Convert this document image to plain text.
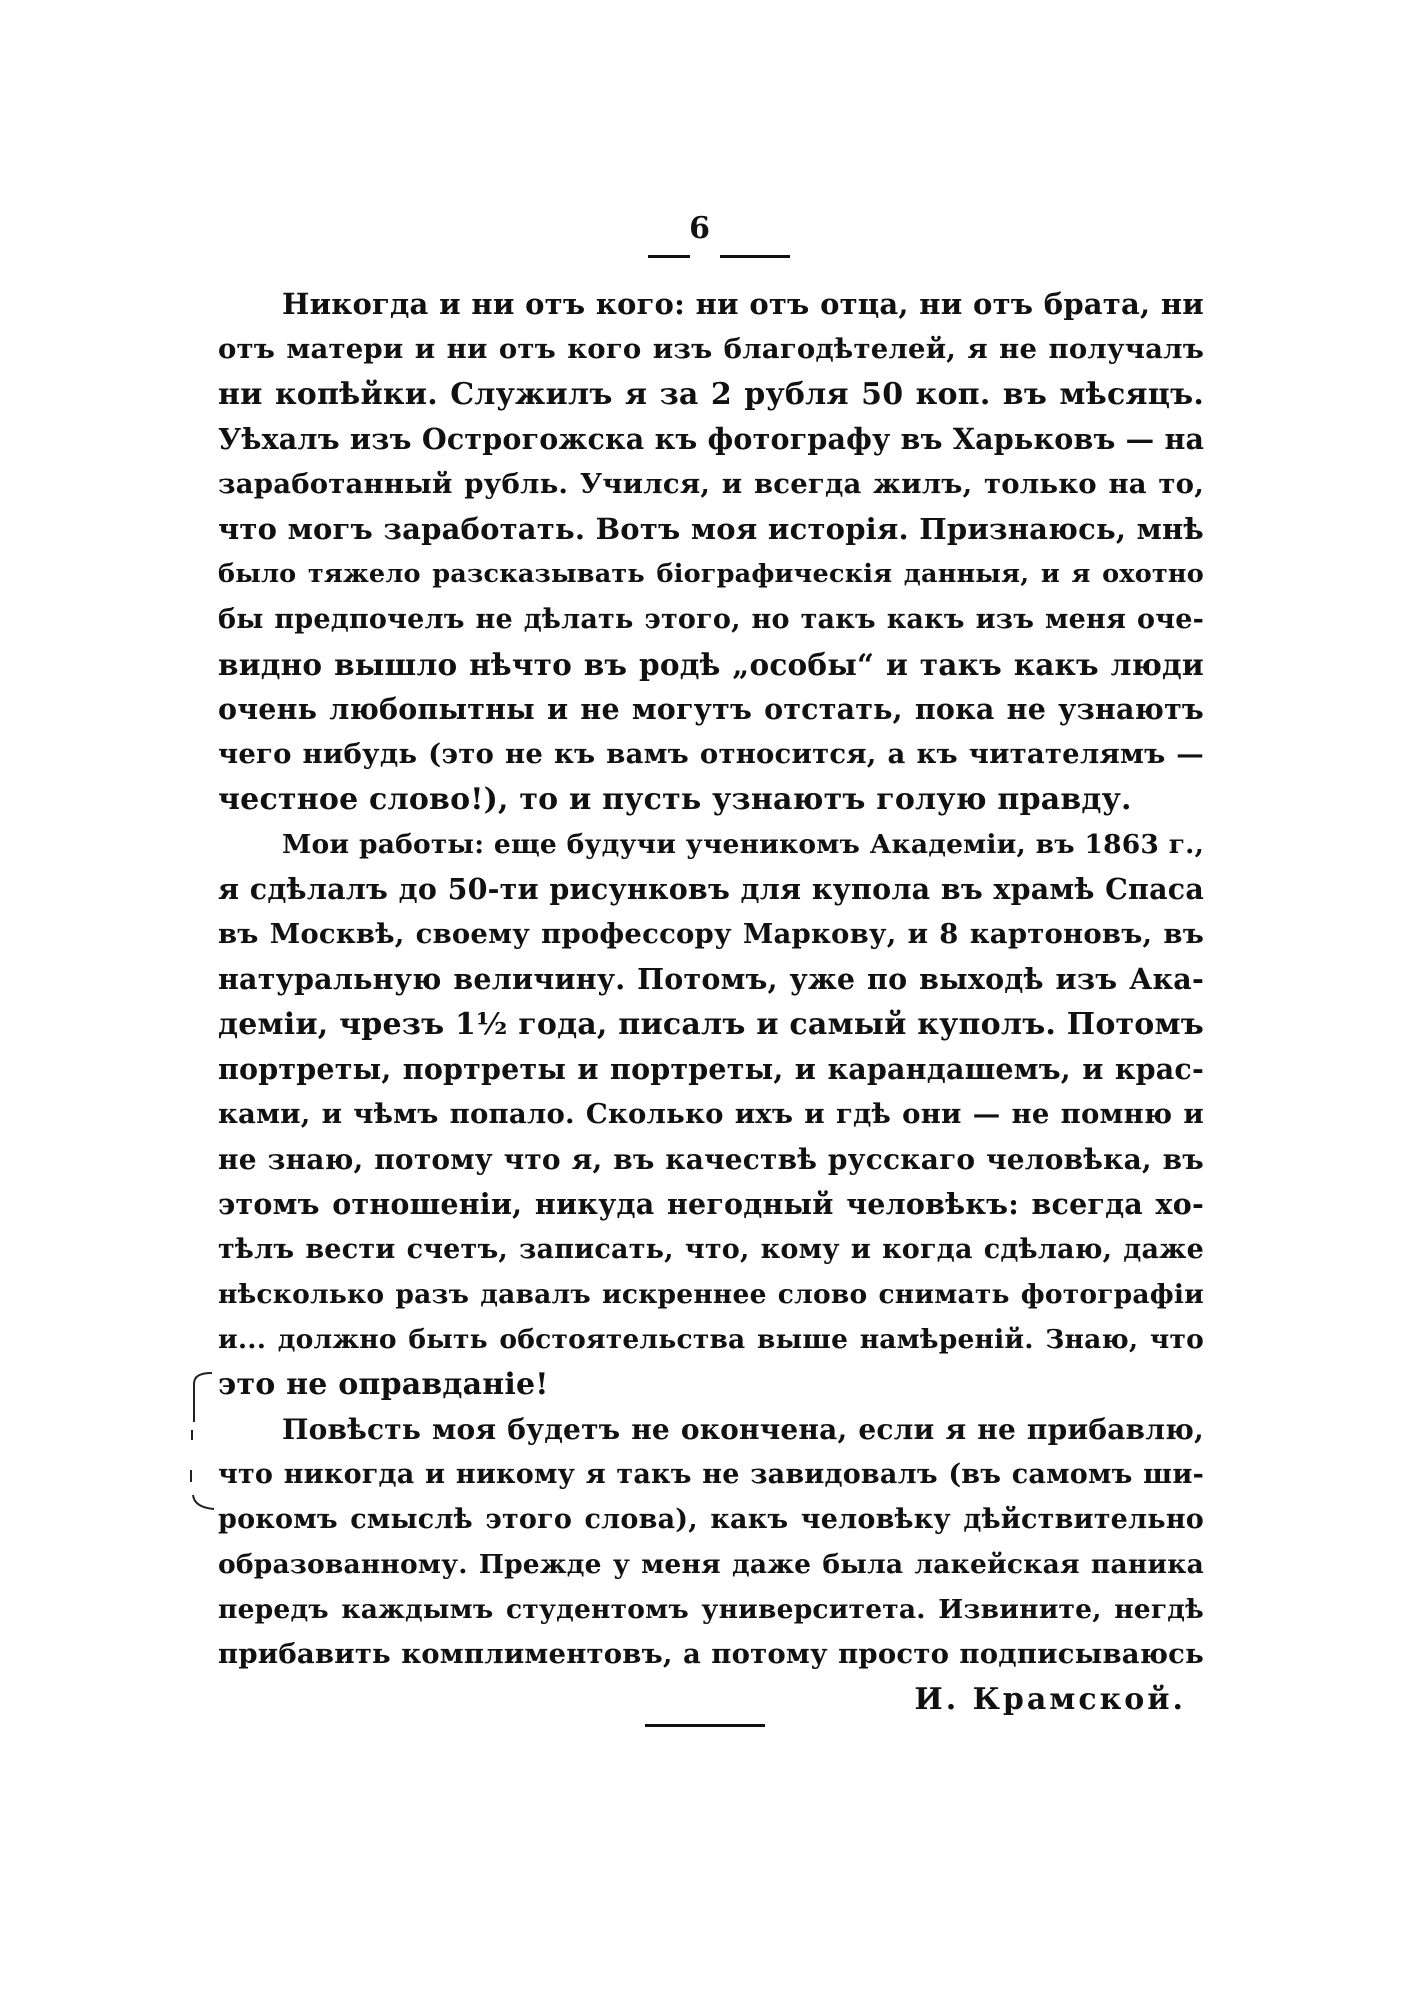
6
Никогда и ни отъ кого: ни отъ отца, ни отъ брата, ни
отъ матери и ни отъ кого изъ благодѣтелей, я не получалъ
ни копѣйки. Служилъ я за 2 рубля 50 коп. въ мѣсяцъ.
Уѣхалъ изъ Острогожска къ фотографу въ Харьковъ — на
заработанный рубль. Учился, и всегда жилъ, только на то,
что могъ заработать. Вотъ моя исторія. Признаюсь, мнѣ
было тяжело разсказывать біографическія данныя, и я охотно
бы предпочелъ не дѣлать этого, но такъ какъ изъ меня оче-
видно вышло нѣчто въ родѣ „особы“ и такъ какъ люди
очень любопытны и не могутъ отстать, пока не узнаютъ
чего нибудь (это не къ вамъ относится, а къ читателямъ —
честное слово!), то и пусть узнаютъ голую правду.
Мои работы: еще будучи ученикомъ Академіи, въ 1863 г.,
я сдѣлалъ до 50-ти рисунковъ для купола въ храмѣ Спаса
въ Москвѣ, своему профессору Маркову, и 8 картоновъ, въ
натуральную величину. Потомъ, уже по выходѣ изъ Ака-
деміи, чрезъ 1½ года, писалъ и самый куполъ. Потомъ
портреты, портреты и портреты, и карандашемъ, и крас-
ками, и чѣмъ попало. Сколько ихъ и гдѣ они — не помню и
не знаю, потому что я, въ качествѣ русскаго человѣка, въ
этомъ отношеніи, никуда негодный человѣкъ: всегда хо-
тѣлъ вести счетъ, записать, что, кому и когда сдѣлаю, даже
нѣсколько разъ давалъ искреннее слово снимать фотографіи
и... должно быть обстоятельства выше намѣреній. Знаю, что
это не оправданіе!
Повѣсть моя будетъ не окончена, если я не прибавлю,
что никогда и никому я такъ не завидовалъ (въ самомъ ши-
рокомъ смыслѣ этого слова), какъ человѣку дѣйствительно
образованному. Прежде у меня даже была лакейская паника
передъ каждымъ студентомъ университета. Извините, негдѣ
прибавить комплиментовъ, а потому просто подписываюсь
И. Крамской.
